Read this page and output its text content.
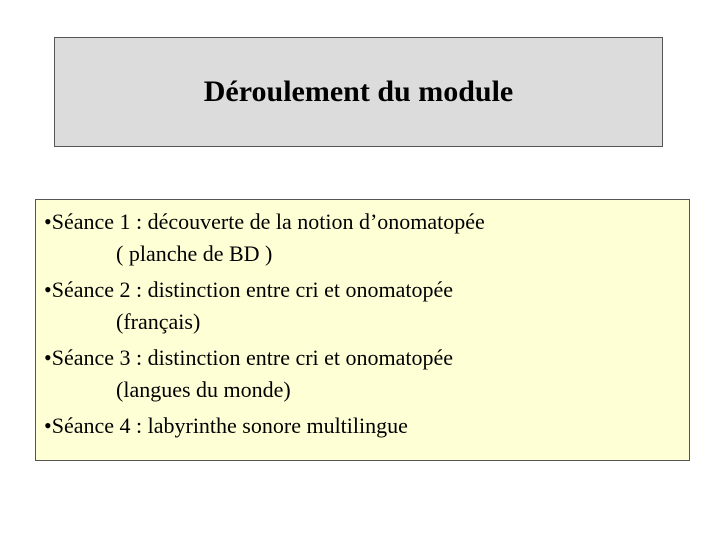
Déroulement du module
•Séance 1 : découverte de la notion d’onomatopée
( planche de BD )
•Séance 2 : distinction entre cri et onomatopée
(français)
•Séance 3 : distinction entre cri et onomatopée
(langues du monde)
•Séance 4 : labyrinthe sonore multilingue
